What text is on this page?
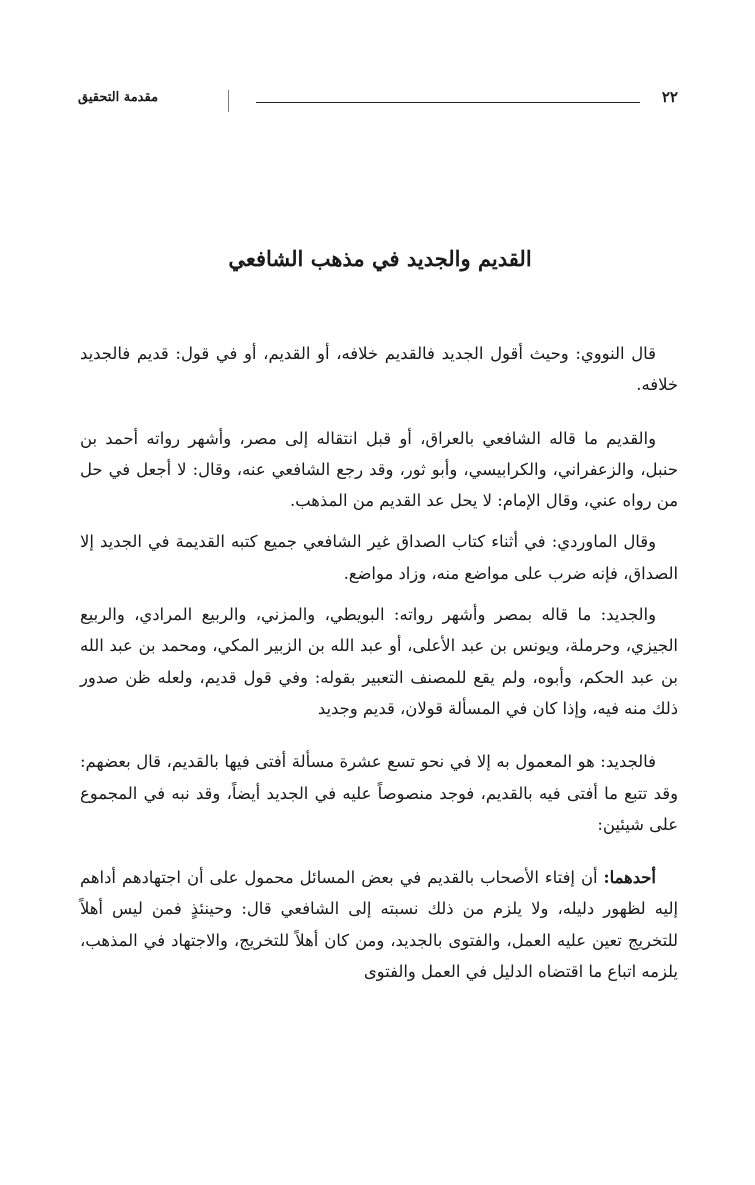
٢٢
مقدمة التحقيق
القديم والجديد في مذهب الشافعي

قال النووي: وحيث أقول الجديد فالقديم خلافه، أو القديم، أو في قول: قديم فالجديد خلافه.

والقديم ما قاله الشافعي بالعراق، أو قبل انتقاله إلى مصر، وأشهر رواته أحمد بن حنبل، والزعفراني، والكرابيسي، وأبو ثور، وقد رجع الشافعي عنه، وقال: لا أجعل في حل من رواه عني، وقال الإمام: لا يحل عد القديم من المذهب.

وقال الماوردي: في أثناء كتاب الصداق غير الشافعي جميع كتبه القديمة في الجديد إلا الصداق، فإنه ضرب على مواضع منه، وزاد مواضع.

والجديد: ما قاله بمصر وأشهر رواته: البويطي، والمزني، والربيع المرادي، والربيع الجيزي، وحرملة، ويونس بن عبد الأعلى، أو عبد الله بن الزبير المكي، ومحمد بن عبد الله بن عبد الحكم، وأبوه، ولم يقع للمصنف التعبير بقوله: وفي قول قديم، ولعله ظن صدور ذلك منه فيه، وإذا كان في المسألة قولان، قديم وجديد

فالجديد: هو المعمول به إلا في نحو تسع عشرة مسألة أفتى فيها بالقديم، قال بعضهم: وقد تتبع ما أفتى فيه بالقديم، فوجد منصوصاً عليه في الجديد أيضاً، وقد نبه في المجموع على شيئين:

أحدهما: أن إفتاء الأصحاب بالقديم في بعض المسائل محمول على أن اجتهادهم أداهم إليه لظهور دليله، ولا يلزم من ذلك نسبته إلى الشافعي قال: وحينئذٍ فمن ليس أهلاً للتخريج تعين عليه العمل، والفتوى بالجديد، ومن كان أهلاً للتخريج، والاجتهاد في المذهب، يلزمه اتباع ما اقتضاه الدليل في العمل والفتوى
